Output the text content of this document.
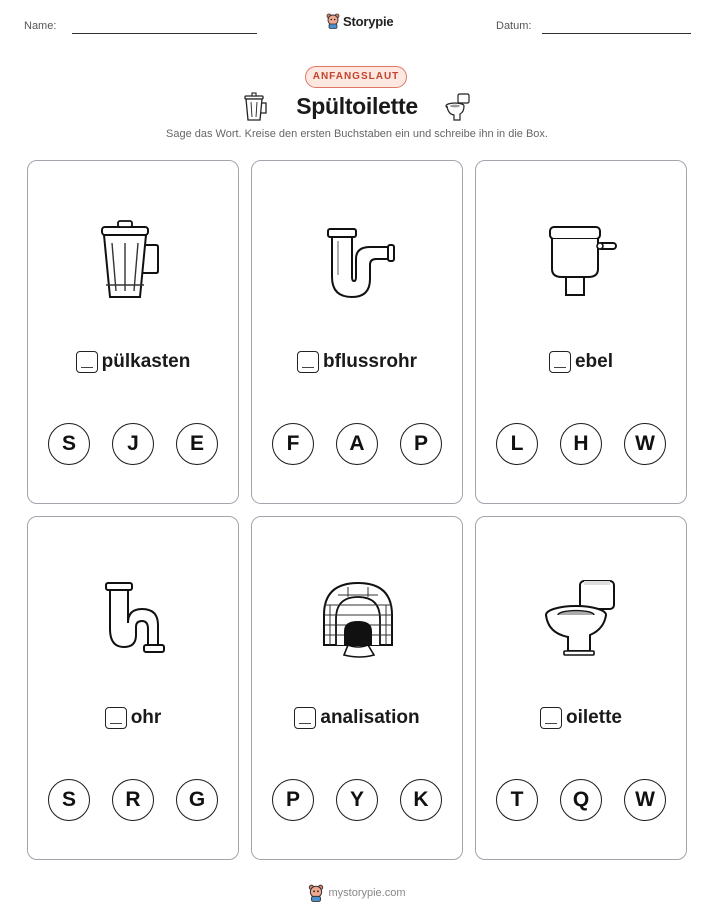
Name:	Storypie	Datum:
ANFANGSLAUT
Spültoilette
Sage das Wort. Kreise den ersten Buchstaben ein und schreibe ihn in die Box.
pülkasten
S	J	E
bflussrohr
F	A	P
ebel
L	H	W
ohr
S	R	G
analisation
P	Y	K
oilette
T	Q	W
mystorypie.com
